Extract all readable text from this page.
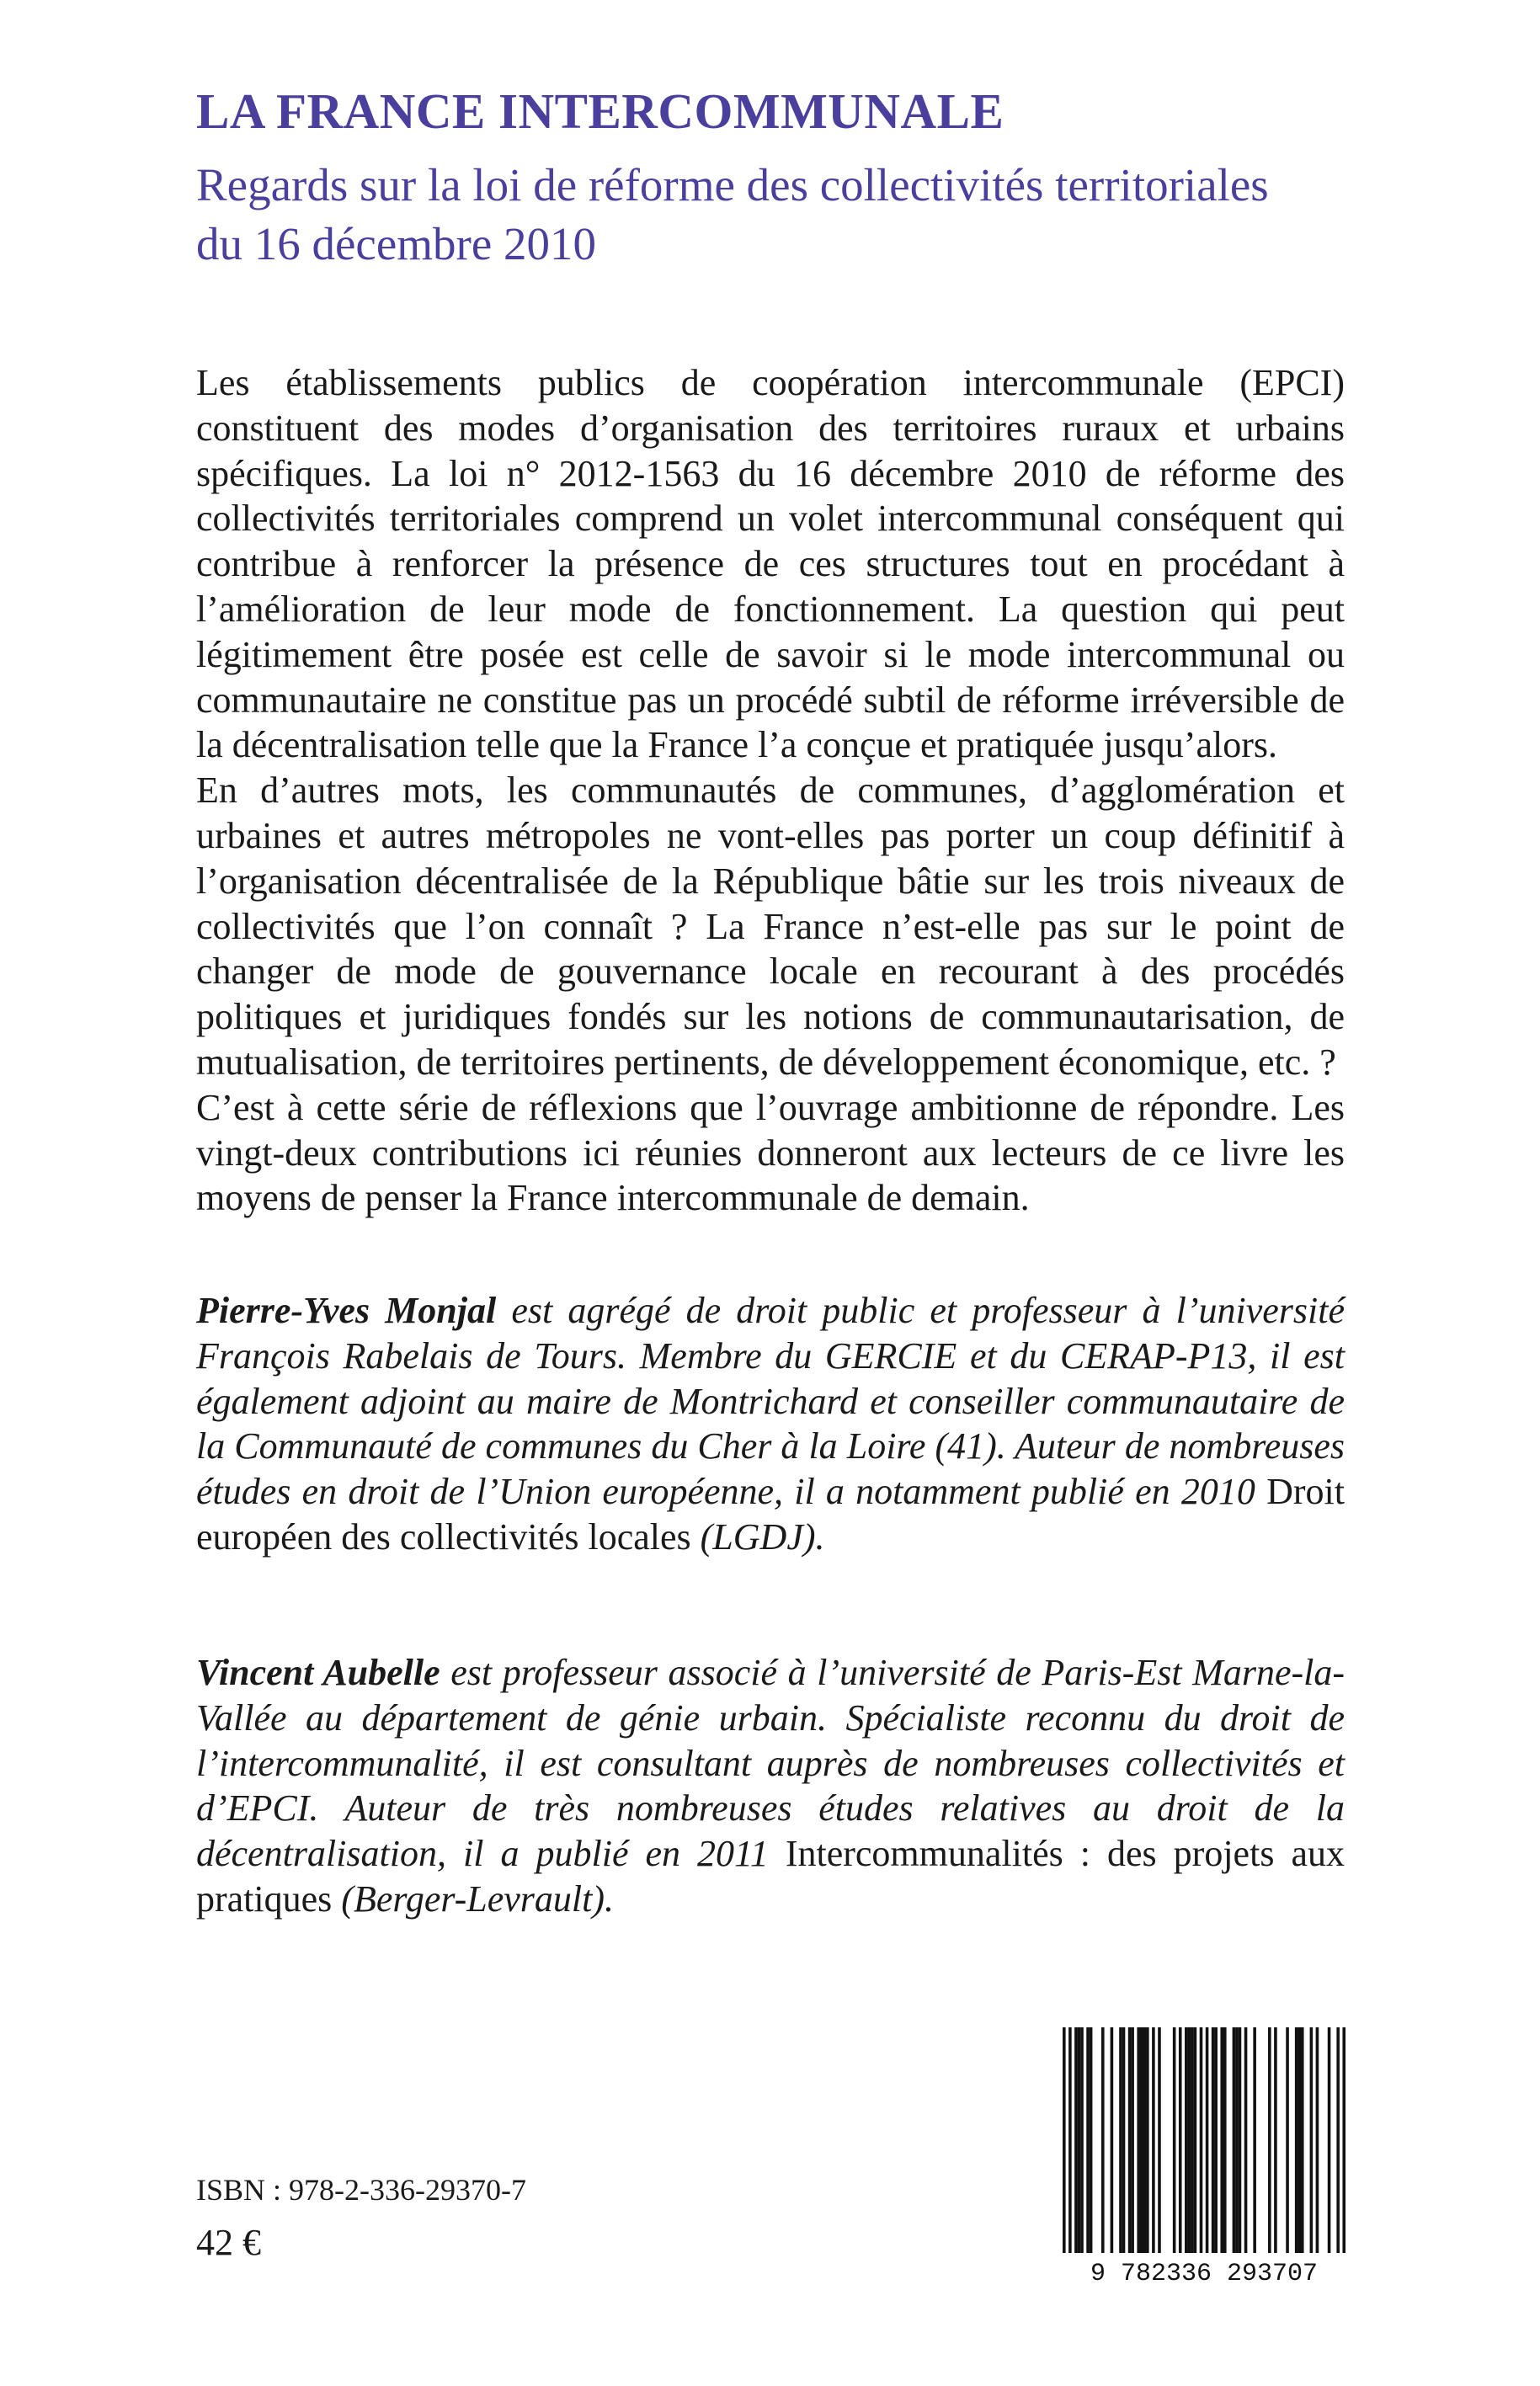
LA FRANCE INTERCOMMUNALE
Regards sur la loi de réforme des collectivités territoriales
du 16 décembre 2010

Les établissements publics de coopération intercommunale (EPCI) constituent des modes d’organisation des territoires ruraux et urbains spécifiques. La loi n° 2012-1563 du 16 décembre 2010 de réforme des collectivités territoriales comprend un volet intercommunal conséquent qui contribue à renforcer la présence de ces structures tout en procédant à l’amélioration de leur mode de fonctionnement. La question qui peut légitimement être posée est celle de savoir si le mode intercommunal ou communautaire ne constitue pas un procédé subtil de réforme irréversible de la décentralisation telle que la France l’a conçue et pratiquée jusqu’alors.

En d’autres mots, les communautés de communes, d’agglomération et urbaines et autres métropoles ne vont-elles pas porter un coup définitif à l’organisation décentralisée de la République bâtie sur les trois niveaux de collectivités que l’on connaît ? La France n’est-elle pas sur le point de changer de mode de gouvernance locale en recourant à des procédés politiques et juridiques fondés sur les notions de communautarisation, de mutualisation, de territoires pertinents, de développement économique, etc. ?

C’est à cette série de réflexions que l’ouvrage ambitionne de répondre. Les vingt-deux contributions ici réunies donneront aux lecteurs de ce livre les moyens de penser la France intercommunale de demain.

Pierre-Yves Monjal est agrégé de droit public et professeur à l’université François Rabelais de Tours. Membre du GERCIE et du CERAP-P13, il est également adjoint au maire de Montrichard et conseiller communautaire de la Communauté de communes du Cher à la Loire (41). Auteur de nombreuses études en droit de l’Union européenne, il a notamment publié en 2010 Droit européen des collectivités locales (LGDJ).

Vincent Aubelle est professeur associé à l’université de Paris-Est Marne-la-Vallée au département de génie urbain. Spécialiste reconnu du droit de l’intercommunalité, il est consultant auprès de nombreuses collectivités et d’EPCI. Auteur de très nombreuses études relatives au droit de la décentralisation, il a publié en 2011 Intercommunalités : des projets aux pratiques (Berger-Levrault).

ISBN : 978-2-336-29370-7
42 €
9 782336 293707
